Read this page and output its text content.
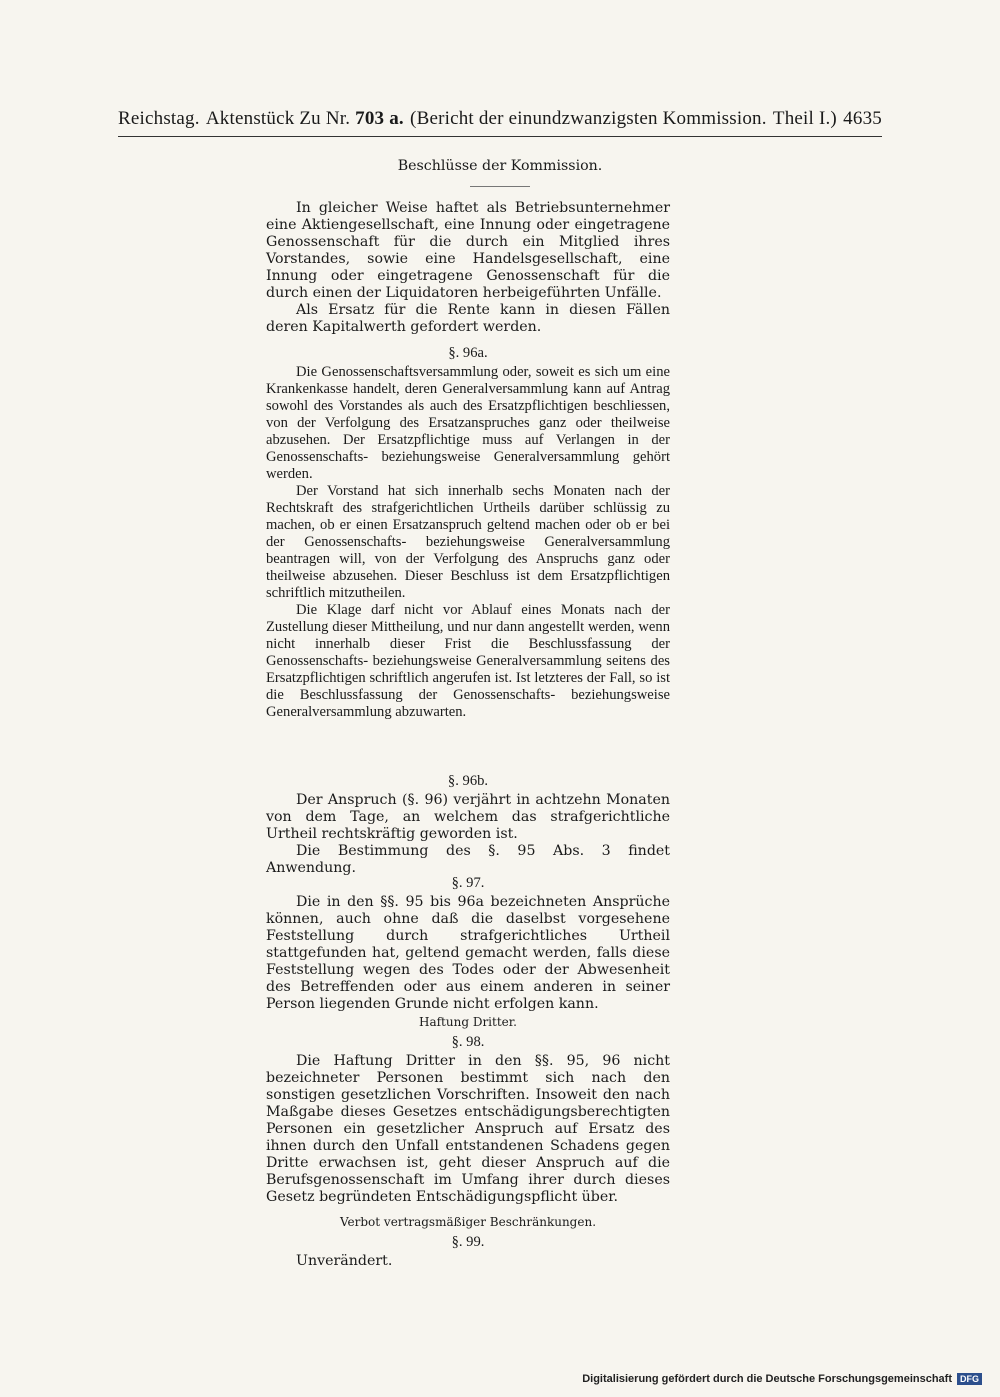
Reichstag. Aktenstück Zu Nr. 703 a. (Bericht der einundzwanzigsten Kommission. Theil I.) 4635
Beschlüsse der Kommission.

In gleicher Weise haftet als Betriebsunternehmer eine Aktiengesellschaft, eine Innung oder eingetragene Genossenschaft für die durch ein Mitglied ihres Vorstandes, sowie eine Handelsgesellschaft, eine Innung oder eingetragene Genossenschaft für die durch einen der Liquidatoren herbeigeführten Unfälle.

Als Ersatz für die Rente kann in diesen Fällen deren Kapitalwerth gefordert werden.

§. 96a.

Die Genossenschaftsversammlung oder, soweit es sich um eine Krankenkasse handelt, deren Generalversammlung kann auf Antrag sowohl des Vorstandes als auch des Ersatzpflichtigen beschliessen, von der Verfolgung des Ersatzanspruches ganz oder theilweise abzusehen. Der Ersatzpflichtige muss auf Verlangen in der Genossenschafts- beziehungsweise Generalversammlung gehört werden.

Der Vorstand hat sich innerhalb sechs Monaten nach der Rechtskraft des strafgerichtlichen Urtheils darüber schlüssig zu machen, ob er einen Ersatzanspruch geltend machen oder ob er bei der Genossenschafts- beziehungsweise Generalversammlung beantragen will, von der Verfolgung des Anspruchs ganz oder theilweise abzusehen. Dieser Beschluss ist dem Ersatzpflichtigen schriftlich mitzutheilen.

Die Klage darf nicht vor Ablauf eines Monats nach der Zustellung dieser Mittheilung, und nur dann angestellt werden, wenn nicht innerhalb dieser Frist die Beschlussfassung der Genossenschafts- beziehungsweise Generalversammlung seitens des Ersatzpflichtigen schriftlich angerufen ist. Ist letzteres der Fall, so ist die Beschlussfassung der Genossenschafts- beziehungsweise Generalversammlung abzuwarten.

§. 96b.

Der Anspruch (§. 96) verjährt in achtzehn Monaten von dem Tage, an welchem das strafgerichtliche Urtheil rechtskräftig geworden ist.

Die Bestimmung des §. 95 Abs. 3 findet Anwendung.

§. 97.

Die in den §§. 95 bis 96a bezeichneten Ansprüche können, auch ohne daß die daselbst vorgesehene Feststellung durch strafgerichtliches Urtheil stattgefunden hat, geltend gemacht werden, falls diese Feststellung wegen des Todes oder der Abwesenheit des Betreffenden oder aus einem anderen in seiner Person liegenden Grunde nicht erfolgen kann.

Haftung Dritter.
§. 98.

Die Haftung Dritter in den §§. 95, 96 nicht bezeichneter Personen bestimmt sich nach den sonstigen gesetzlichen Vorschriften. Insoweit den nach Maßgabe dieses Gesetzes entschädigungsberechtigten Personen ein gesetzlicher Anspruch auf Ersatz des ihnen durch den Unfall entstandenen Schadens gegen Dritte erwachsen ist, geht dieser Anspruch auf die Berufsgenossenschaft im Umfang ihrer durch dieses Gesetz begründeten Entschädigungspflicht über.

Verbot vertragsmäßiger Beschränkungen.
§. 99.

Unverändert.

Digitalisierung gefördert durch die Deutsche Forschungsgemeinschaft DFG
